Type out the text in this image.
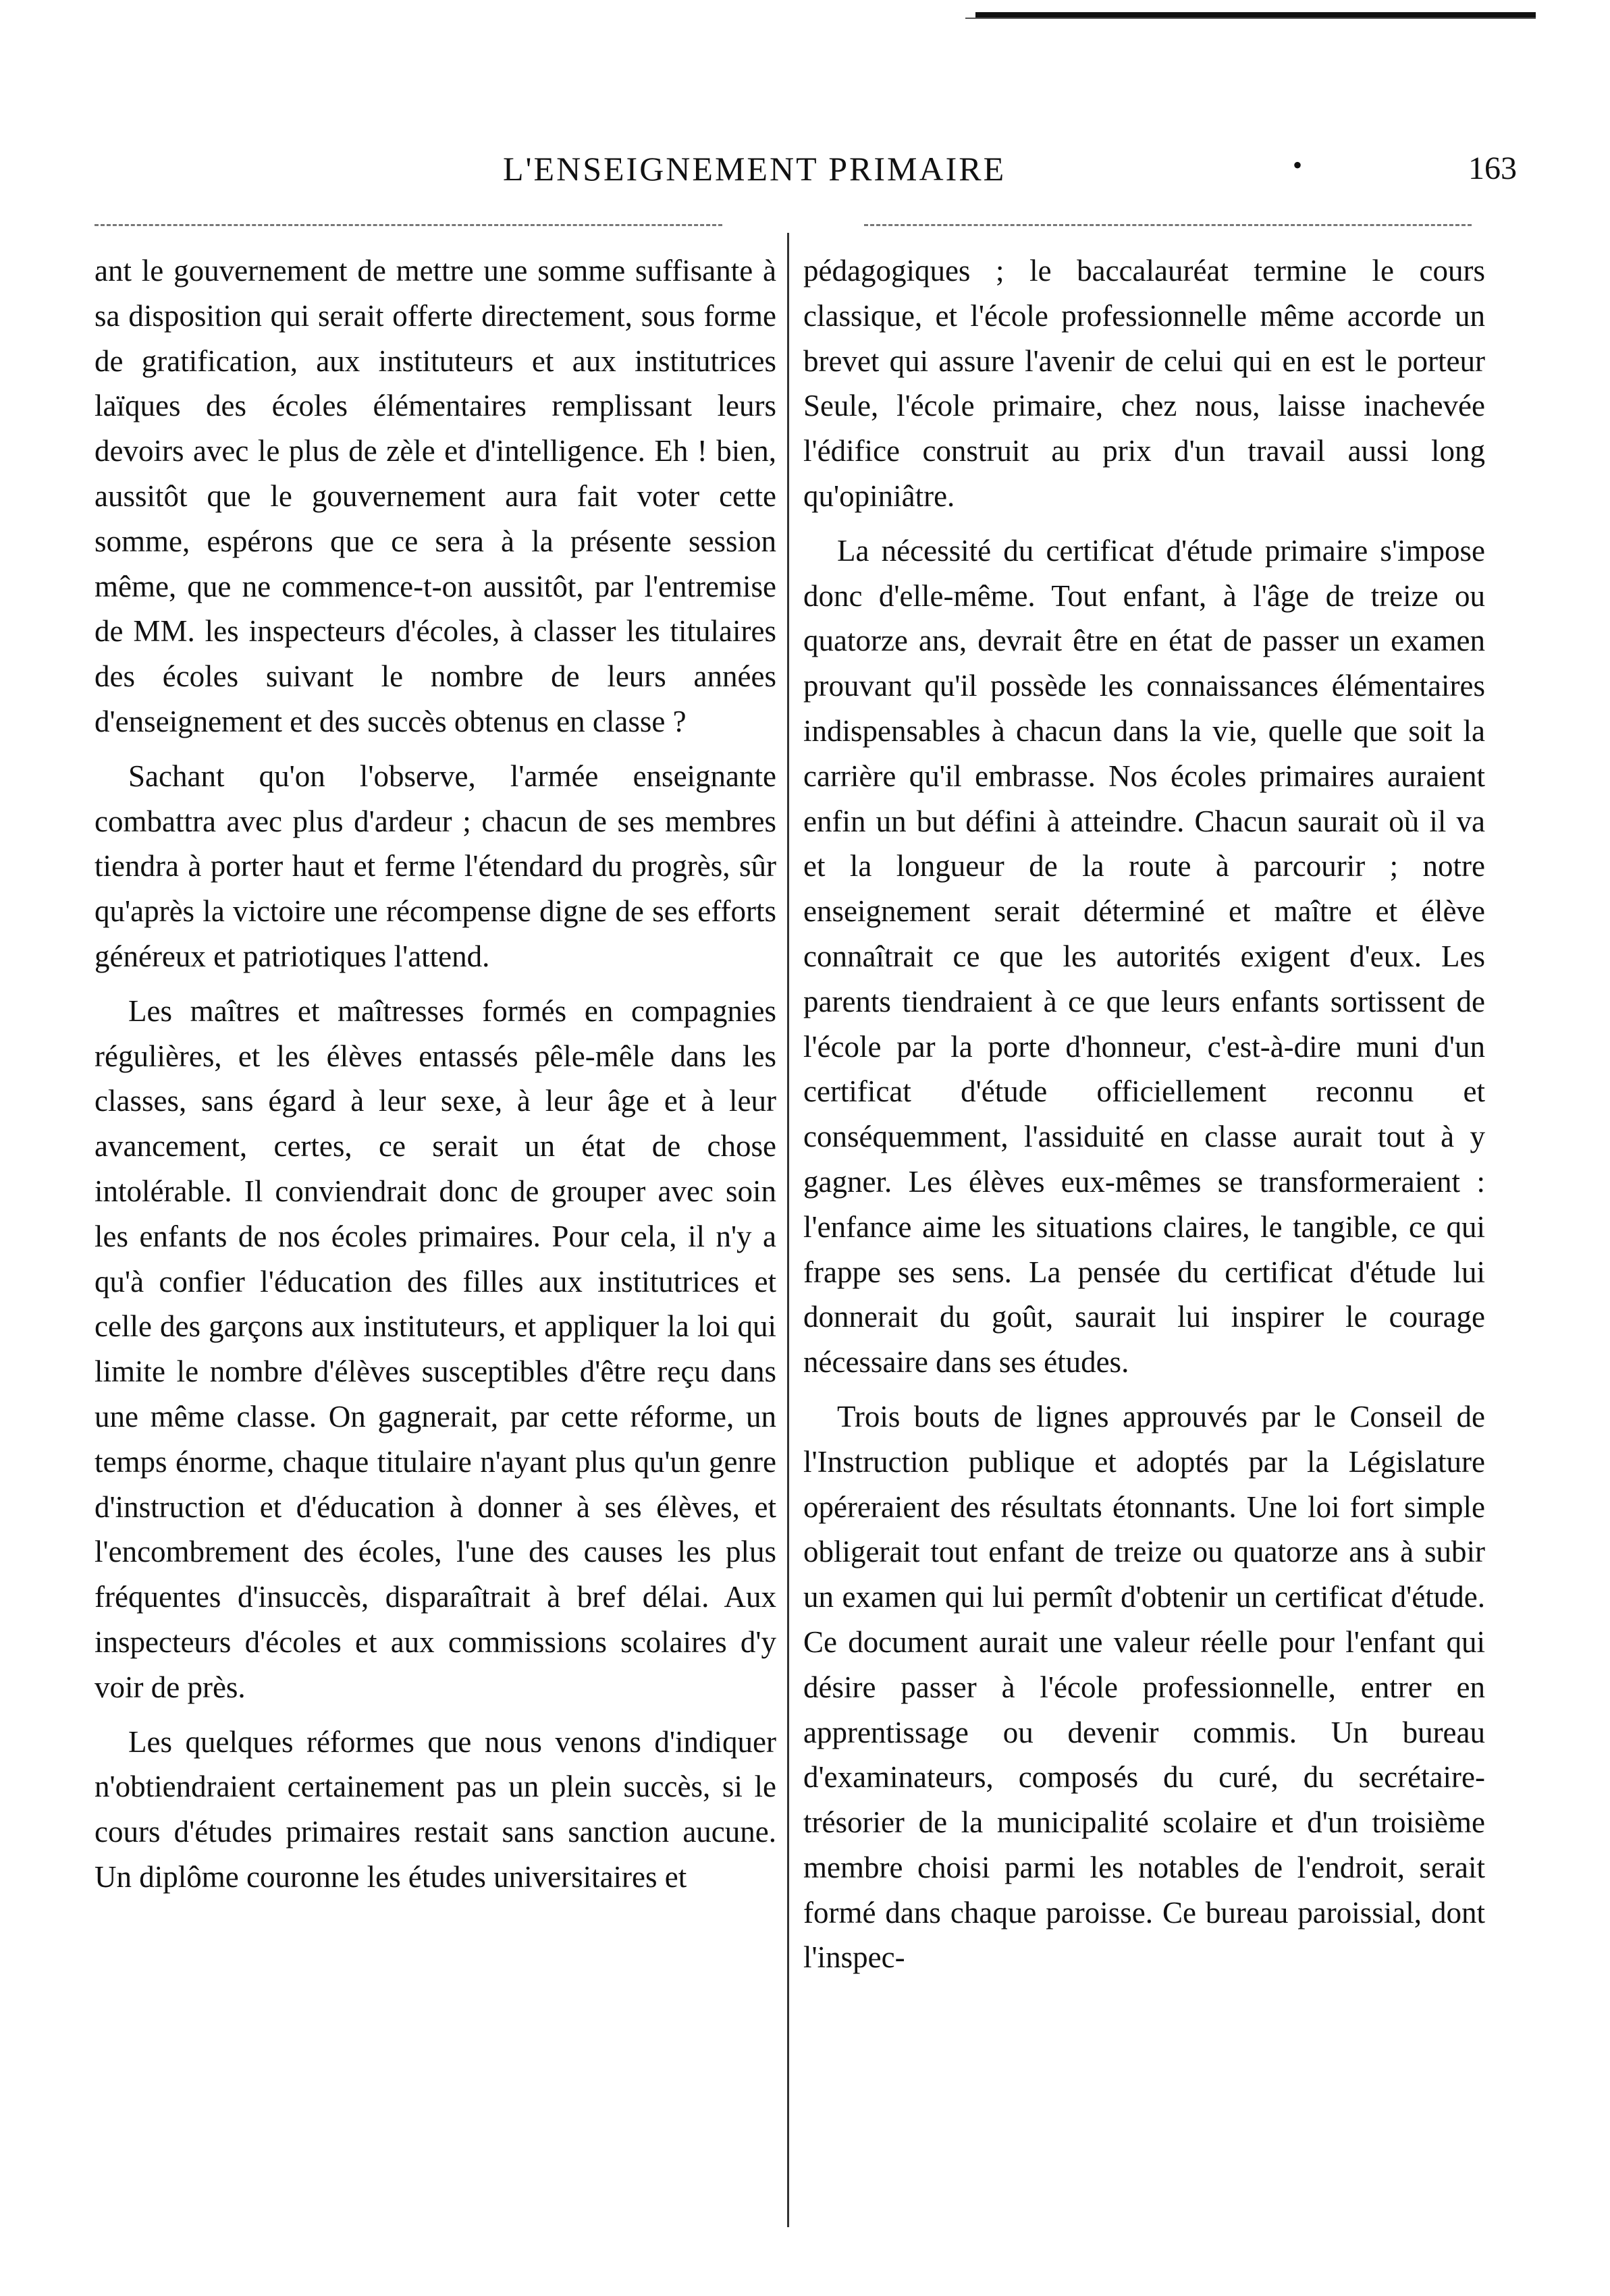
L'ENSEIGNEMENT PRIMAIRE	•	163

ant le gouvernement de mettre une somme suffisante à sa disposition qui serait offerte directement, sous forme de gratification, aux instituteurs et aux institutrices laïques des écoles élémentaires remplissant leurs devoirs avec le plus de zèle et d'intelligence. Eh ! bien, aussitôt que le gouvernement aura fait voter cette somme, espérons que ce sera à la présente session même, que ne commence-t-on aussitôt, par l'entremise de MM. les inspecteurs d'écoles, à classer les titulaires des écoles suivant le nombre de leurs années d'enseignement et des succès obtenus en classe ?

Sachant qu'on l'observe, l'armée enseignante combattra avec plus d'ardeur ; chacun de ses membres tiendra à porter haut et ferme l'étendard du progrès, sûr qu'après la victoire une récompense digne de ses efforts généreux et patriotiques l'attend.

Les maîtres et maîtresses formés en compagnies régulières, et les élèves entassés pêle-mêle dans les classes, sans égard à leur sexe, à leur âge et à leur avancement, certes, ce serait un état de chose intolérable. Il conviendrait donc de grouper avec soin les enfants de nos écoles primaires. Pour cela, il n'y a qu'à confier l'éducation des filles aux institutrices et celle des garçons aux instituteurs, et appliquer la loi qui limite le nombre d'élèves susceptibles d'être reçu dans une même classe. On gagnerait, par cette réforme, un temps énorme, chaque titulaire n'ayant plus qu'un genre d'instruction et d'éducation à donner à ses élèves, et l'encombrement des écoles, l'une des causes les plus fréquentes d'insuccès, disparaîtrait à bref délai. Aux inspecteurs d'écoles et aux commissions scolaires d'y voir de près.

Les quelques réformes que nous venons d'indiquer n'obtiendraient certainement pas un plein succès, si le cours d'études primaires restait sans sanction aucune. Un diplôme couronne les études universitaires et

pédagogiques ; le baccalauréat termine le cours classique, et l'école professionnelle même accorde un brevet qui assure l'avenir de celui qui en est le porteur Seule, l'école primaire, chez nous, laisse inachevée l'édifice construit au prix d'un travail aussi long qu'opiniâtre.

La nécessité du certificat d'étude primaire s'impose donc d'elle-même. Tout enfant, à l'âge de treize ou quatorze ans, devrait être en état de passer un examen prouvant qu'il possède les connaissances élémentaires indispensables à chacun dans la vie, quelle que soit la carrière qu'il embrasse. Nos écoles primaires auraient enfin un but défini à atteindre. Chacun saurait où il va et la longueur de la route à parcourir ; notre enseignement serait déterminé et maître et élève connaîtrait ce que les autorités exigent d'eux. Les parents tiendraient à ce que leurs enfants sortissent de l'école par la porte d'honneur, c'est-à-dire muni d'un certificat d'étude officiellement reconnu et conséquemment, l'assiduité en classe aurait tout à y gagner. Les élèves eux-mêmes se transformeraient : l'enfance aime les situations claires, le tangible, ce qui frappe ses sens. La pensée du certificat d'étude lui donnerait du goût, saurait lui inspirer le courage nécessaire dans ses études.

Trois bouts de lignes approuvés par le Conseil de l'Instruction publique et adoptés par la Législature opéreraient des résultats étonnants. Une loi fort simple obligerait tout enfant de treize ou quatorze ans à subir un examen qui lui permît d'obtenir un certificat d'étude. Ce document aurait une valeur réelle pour l'enfant qui désire passer à l'école professionnelle, entrer en apprentissage ou devenir commis. Un bureau d'examinateurs, composés du curé, du secrétaire-trésorier de la municipalité scolaire et d'un troisième membre choisi parmi les notables de l'endroit, serait formé dans chaque paroisse. Ce bureau paroissial, dont l'inspec-
